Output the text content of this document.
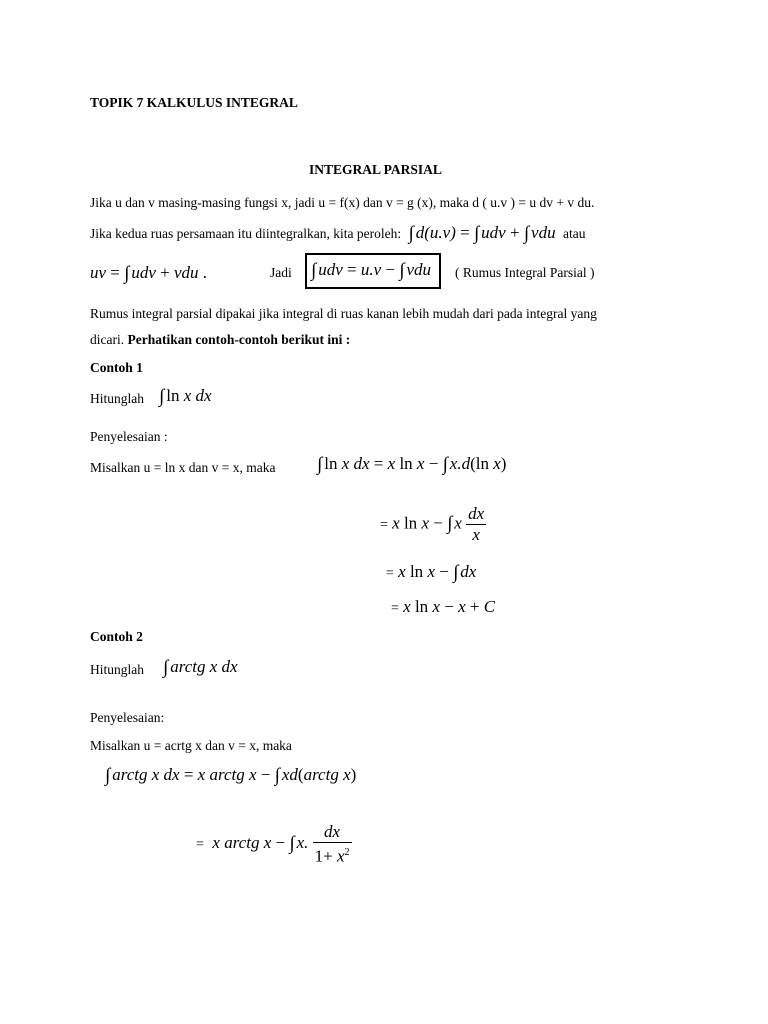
TOPIK 7 KALKULUS INTEGRAL
INTEGRAL PARSIAL
Jika u dan v masing-masing fungsi x, jadi u = f(x) dan v = g (x), maka d ( u.v ) = u dv + v du.
Jika kedua ruas persamaan itu diintegralkan, kita peroleh: ∫ d(u.v) = ∫ udv + ∫ vdu atau
uv = ∫ udv + vdu .	Jadi	∫ udv = u.v − ∫ vdu	( Rumus Integral Parsial )
Rumus integral parsial dipakai jika integral di ruas kanan lebih mudah dari pada integral yang
dicari. Perhatikan contoh-contoh berikut ini :
Contoh 1
Hitunglah ∫ ln x dx
Penyelesaian :
Misalkan u = ln x dan v = x, maka ∫ ln x dx = x ln x − ∫ x.d(ln x)
= x ln x − ∫ x $\frac{dx}{x}$
= x ln x − ∫ dx
= x ln x − x + C
Contoh 2
Hitunglah ∫ arctg x dx
Penyelesaian:
Misalkan u = acrtg x dan v = x, maka
∫ arctg x dx = x arctg x − ∫ xd(arctg x)
=  x arctg x − ∫ x. $\frac{dx}{1+ x^2}$
